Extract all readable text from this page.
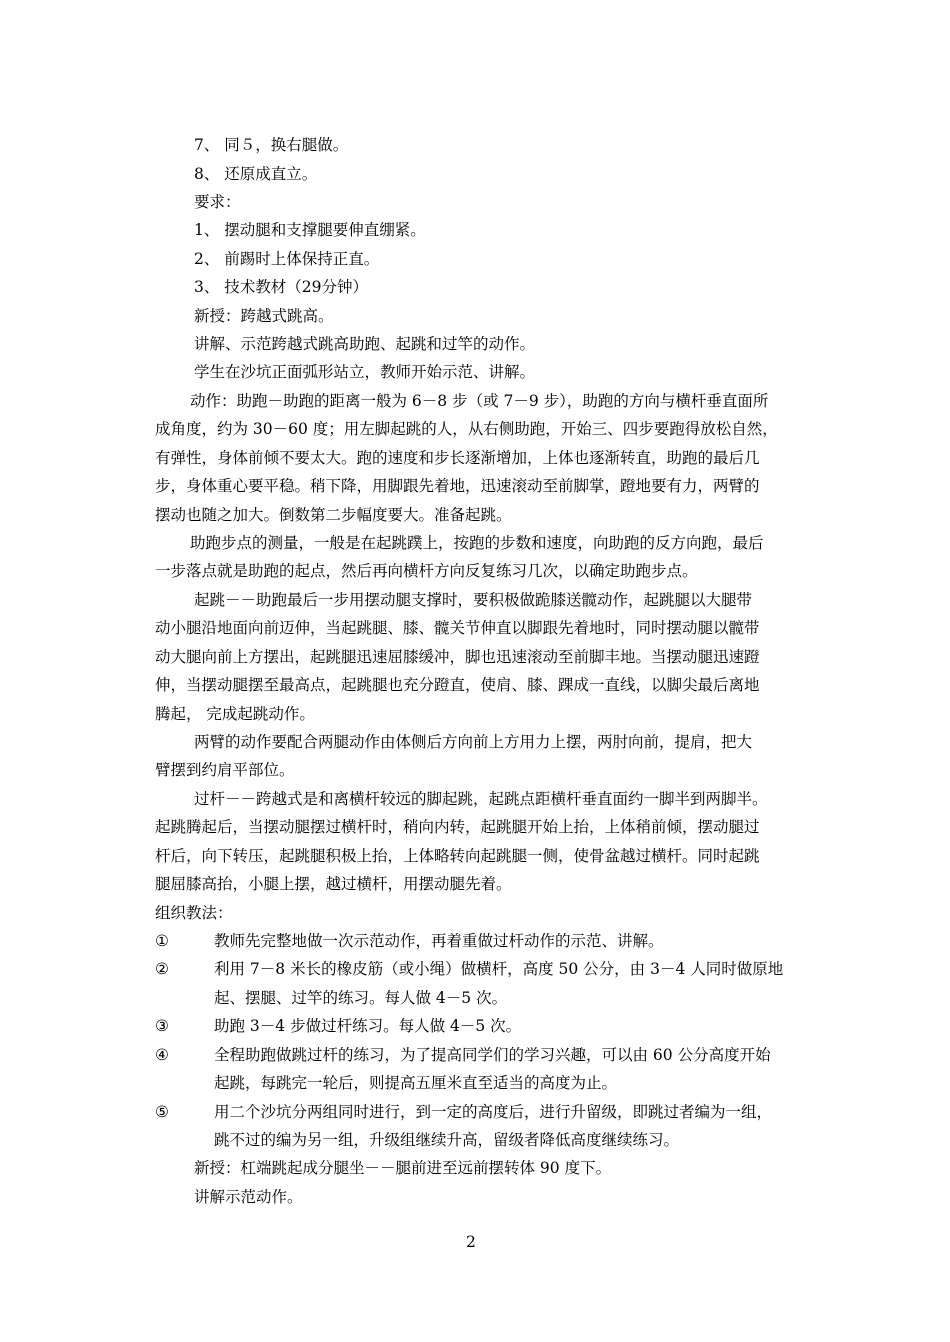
7、 同５，换右腿做。

8、 还原成直立。

要求：

1、 摆动腿和支撑腿要伸直绷紧。

2、 前踢时上体保持正直。

3、 技术教材（29分钟）

新授：跨越式跳高。

讲解、示范跨越式跳高助跑、起跳和过竿的动作。

学生在沙坑正面弧形站立，教师开始示范、讲解。

动作：助跑－助跑的距离一般为 6－8 步（或 7－9 步），助跑的方向与横杆垂直面所

成角度，约为 30－60 度；用左脚起跳的人，从右侧助跑，开始三、四步要跑得放松自然，

有弹性，身体前倾不要太大。跑的速度和步长逐渐增加，上体也逐渐转直，助跑的最后几

步，身体重心要平稳。稍下降，用脚跟先着地，迅速滚动至前脚掌，蹬地要有力，两臂的

摆动也随之加大。倒数第二步幅度要大。准备起跳。

助跑步点的测量，一般是在起跳蹼上，按跑的步数和速度，向助跑的反方向跑，最后

一步落点就是助跑的起点，然后再向横杆方向反复练习几次，以确定助跑步点。

起跳－－助跑最后一步用摆动腿支撑时，要积极做跪膝送髋动作，起跳腿以大腿带

动小腿沿地面向前迈伸，当起跳腿、膝、髋关节伸直以脚跟先着地时，同时摆动腿以髋带

动大腿向前上方摆出，起跳腿迅速屈膝缓冲，脚也迅速滚动至前脚丰地。当摆动腿迅速蹬

伸，当摆动腿摆至最高点，起跳腿也充分蹬直，使肩、膝、踝成一直线，以脚尖最后离地

腾起， 完成起跳动作。

两臂的动作要配合两腿动作由体侧后方向前上方用力上摆，两肘向前，提肩，把大

臂摆到约肩平部位。

过杆－－跨越式是和离横杆较远的脚起跳，起跳点距横杆垂直面约一脚半到两脚半。

起跳腾起后，当摆动腿摆过横杆时，稍向内转，起跳腿开始上抬，上体稍前倾，摆动腿过

杆后，向下转压，起跳腿积极上抬，上体略转向起跳腿一侧，使骨盆越过横杆。同时起跳

腿屈膝高抬，小腿上摆，越过横杆，用摆动腿先着。

组织教法：

①	教师先完整地做一次示范动作，再着重做过杆动作的示范、讲解。

②	利用 7－8 米长的橡皮筋（或小绳）做横杆，高度 50 公分，由 3－4 人同时做原地

起、摆腿、过竿的练习。每人做 4－5 次。

③	助跑 3－4 步做过杆练习。每人做 4－5 次。

④	全程助跑做跳过杆的练习，为了提高同学们的学习兴趣，可以由 60 公分高度开始

起跳，每跳完一轮后，则提高五厘米直至适当的高度为止。

⑤	用二个沙坑分两组同时进行，到一定的高度后，进行升留级，即跳过者编为一组，

跳不过的编为另一组，升级组继续升高，留级者降低高度继续练习。

新授：杠端跳起成分腿坐－－腿前进至远前摆转体 90 度下。

讲解示范动作。

2
